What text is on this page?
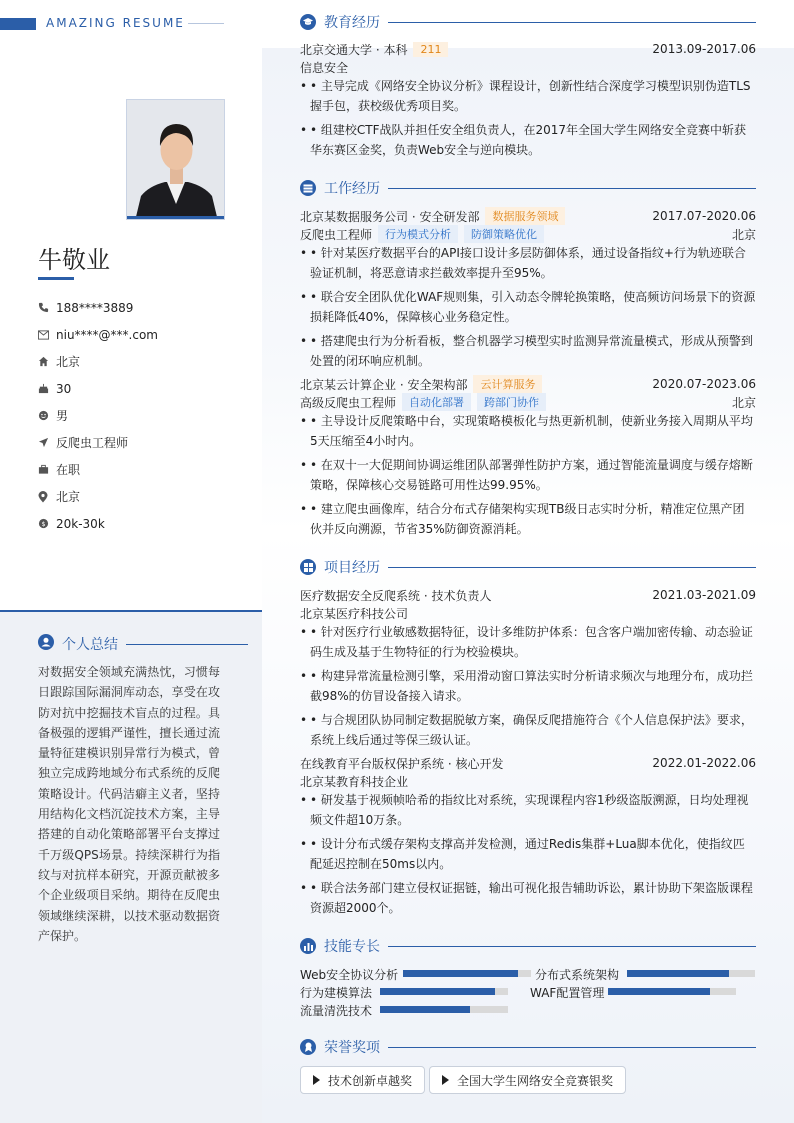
AMAZING RESUME
牛敬业
188****3889
niu****@***.com
北京
30
男
反爬虫工程师
在职
北京
$ 20k-30k
个人总结
对数据安全领域充满热忱，习惯每日跟踪国际漏洞库动态，享受在攻防对抗中挖掘技术盲点的过程。具备极强的逻辑严谨性，擅长通过流量特征建模识别异常行为模式，曾独立完成跨地域分布式系统的反爬策略设计。代码洁癖主义者，坚持用结构化文档沉淀技术方案，主导搭建的自动化策略部署平台支撑过千万级QPS场景。持续深耕行为指纹与对抗样本研究，开源贡献被多个企业级项目采纳。期待在反爬虫领域继续深耕，以技术驱动数据资产保护。
教育经历
北京交通大学 · 本科	211	2013.09-2017.06
信息安全
• • 主导完成《网络安全协议分析》课程设计，创新性结合深度学习模型识别伪造TLS握手包，获校级优秀项目奖。
• • 组建校CTF战队并担任安全组负责人，在2017年全国大学生网络安全竞赛中斩获华东赛区金奖，负责Web安全与逆向模块。
工作经历
北京某数据服务公司 · 安全研发部	数据服务领域	2017.07-2020.06
反爬虫工程师	行为模式分析	防御策略优化	北京
• • 针对某医疗数据平台的API接口设计多层防御体系，通过设备指纹+行为轨迹联合验证机制，将恶意请求拦截效率提升至95%。
• • 联合安全团队优化WAF规则集，引入动态令牌轮换策略，使高频访问场景下的资源损耗降低40%，保障核心业务稳定性。
• • 搭建爬虫行为分析看板，整合机器学习模型实时监测异常流量模式，形成从预警到处置的闭环响应机制。
北京某云计算企业 · 安全架构部	云计算服务	2020.07-2023.06
高级反爬虫工程师	自动化部署	跨部门协作	北京
• • 主导设计反爬策略中台，实现策略模板化与热更新机制，使新业务接入周期从平均5天压缩至4小时内。
• • 在双十一大促期间协调运维团队部署弹性防护方案，通过智能流量调度与缓存熔断策略，保障核心交易链路可用性达99.95%。
• • 建立爬虫画像库，结合分布式存储架构实现TB级日志实时分析，精准定位黑产团伙并反向溯源，节省35%防御资源消耗。
项目经历
医疗数据安全反爬系统 · 技术负责人	2021.03-2021.09
北京某医疗科技公司
• • 针对医疗行业敏感数据特征，设计多维防护体系：包含客户端加密传输、动态验证码生成及基于生物特征的行为校验模块。
• • 构建异常流量检测引擎，采用滑动窗口算法实时分析请求频次与地理分布，成功拦截98%的仿冒设备接入请求。
• • 与合规团队协同制定数据脱敏方案，确保反爬措施符合《个人信息保护法》要求，系统上线后通过等保三级认证。
在线教育平台版权保护系统 · 核心开发	2022.01-2022.06
北京某教育科技企业
• • 研发基于视频帧哈希的指纹比对系统，实现课程内容1秒级盗版溯源，日均处理视频文件超10万条。
• • 设计分布式缓存架构支撑高并发检测，通过Redis集群+Lua脚本优化，使指纹匹配延迟控制在50ms以内。
• • 联合法务部门建立侵权证据链，输出可视化报告辅助诉讼，累计协助下架盗版课程资源超2000个。
技能专长
Web安全协议分析	分布式系统架构
行为建模算法	WAF配置管理
流量清洗技术
荣誉奖项
技术创新卓越奖	全国大学生网络安全竞赛银奖
